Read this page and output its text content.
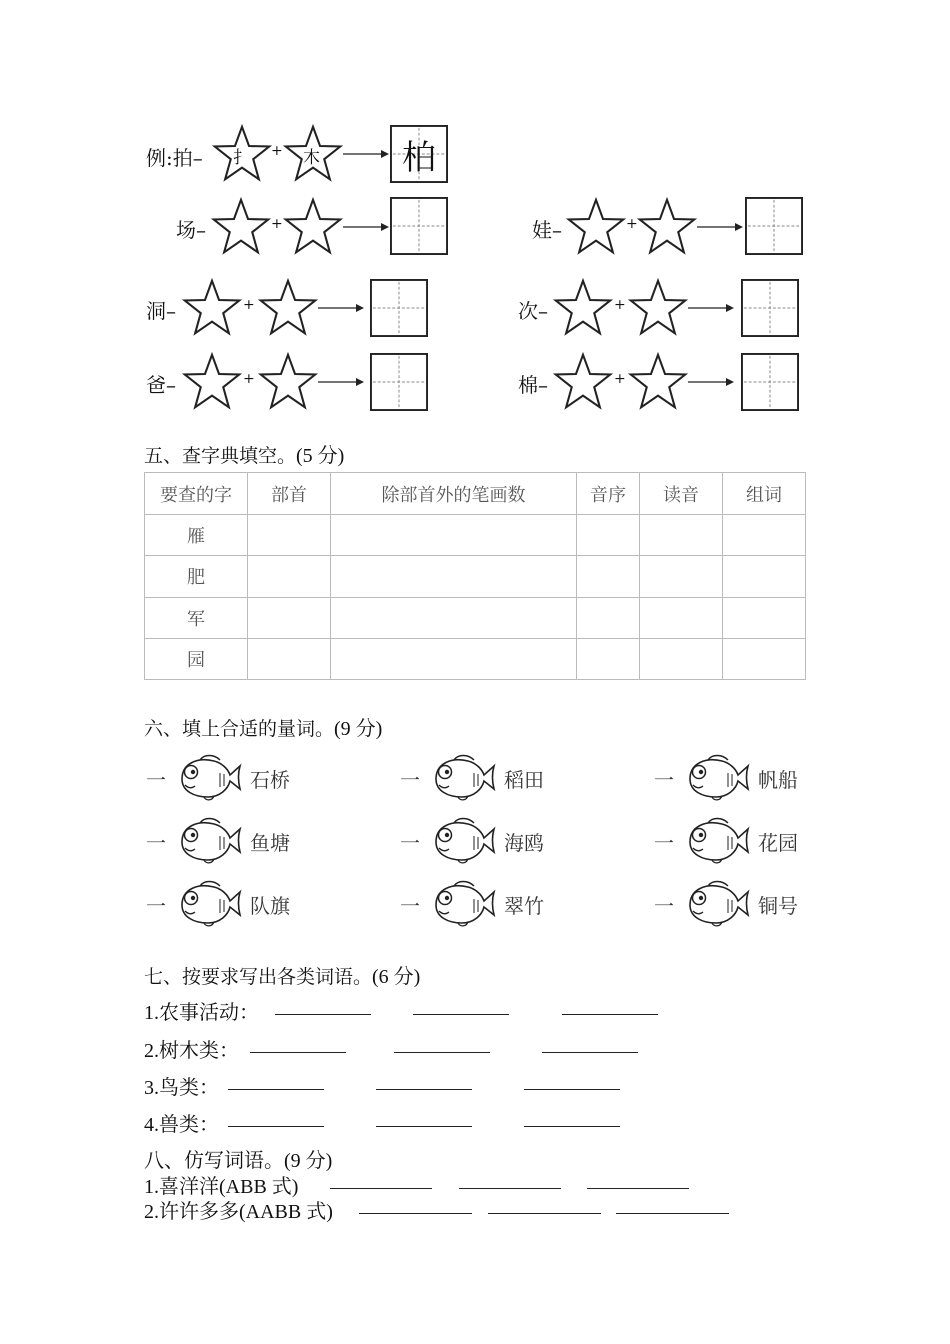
例:拍– 扌 + 木	柏
场–	+	娃–	+
洞–	+	次–	+
爸–	+	棉–	+
五、查字典填空。(5 分)
要查的字	部首	除部首外的笔画数	音序	读音	组词
雁					
肥					
军					
园					
六、填上合适的量词。(9 分)
一	石桥	一	稻田	一	帆船
一	鱼塘	一	海鸥	一	花园
一	队旗	一	翠竹	一	铜号
七、按要求写出各类词语。(6 分)
1.农事活动：
2.树木类：
3.鸟类：
4.兽类：
八、仿写词语。(9 分)
1.喜洋洋(ABB 式)
2.许许多多(AABB 式)
